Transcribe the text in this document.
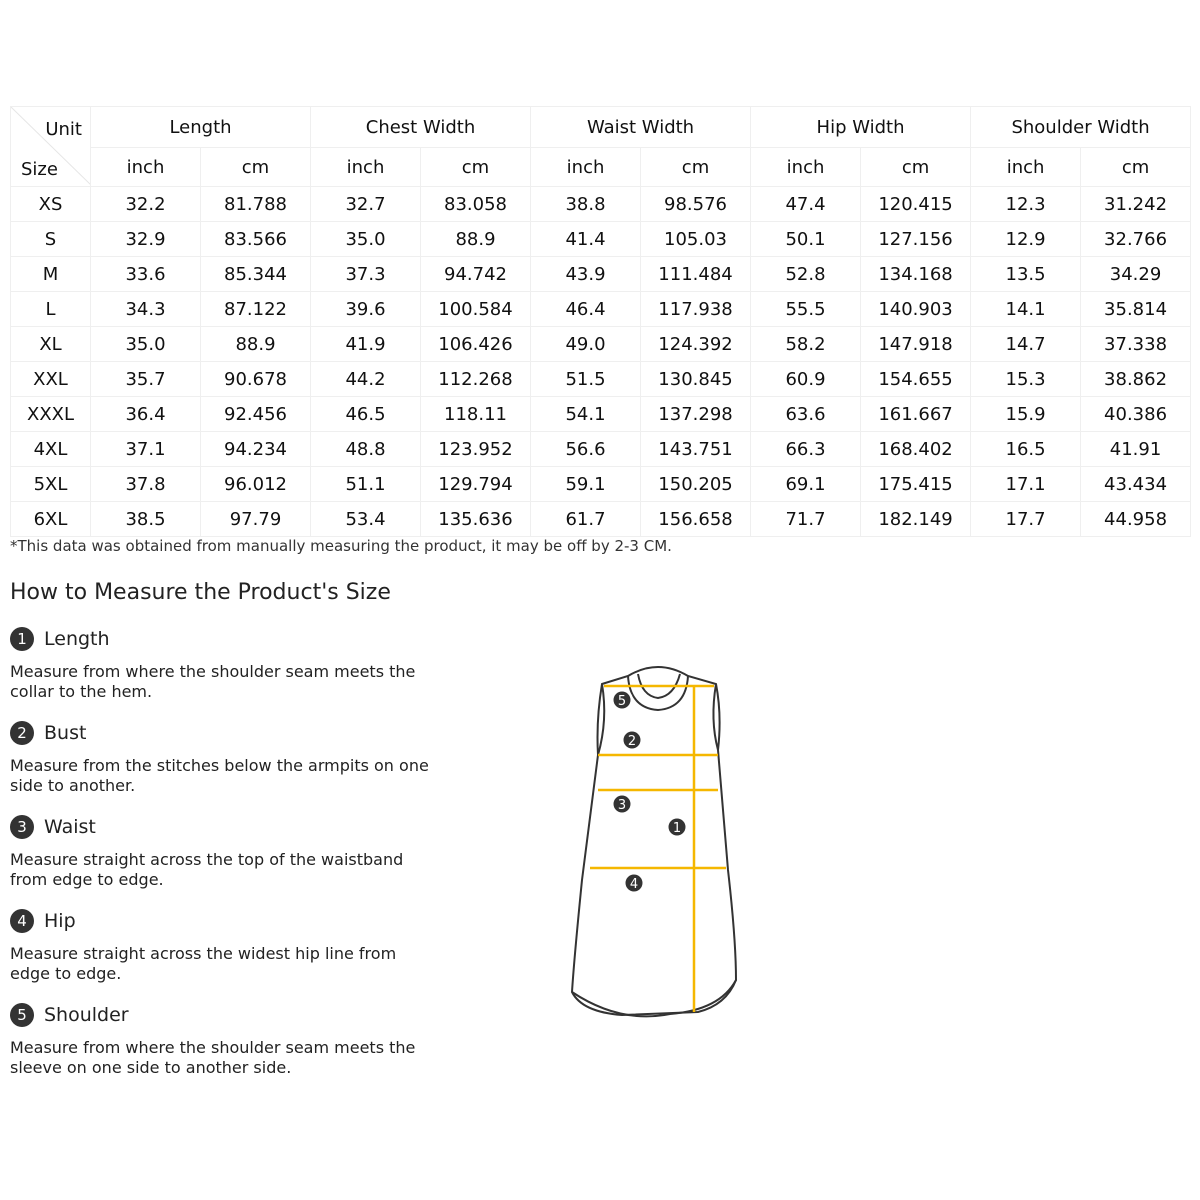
Unit
Size	Length		Chest Width		Waist Width		Hip Width		Shoulder Width	
	inch	cm	inch	cm	inch	cm	inch	cm	inch	cm
XS	32.2	81.788	32.7	83.058	38.8	98.576	47.4	120.415	12.3	31.242
S	32.9	83.566	35.0	88.9	41.4	105.03	50.1	127.156	12.9	32.766
M	33.6	85.344	37.3	94.742	43.9	111.484	52.8	134.168	13.5	34.29
L	34.3	87.122	39.6	100.584	46.4	117.938	55.5	140.903	14.1	35.814
XL	35.0	88.9	41.9	106.426	49.0	124.392	58.2	147.918	14.7	37.338
XXL	35.7	90.678	44.2	112.268	51.5	130.845	60.9	154.655	15.3	38.862
XXXL	36.4	92.456	46.5	118.11	54.1	137.298	63.6	161.667	15.9	40.386
4XL	37.1	94.234	48.8	123.952	56.6	143.751	66.3	168.402	16.5	41.91
5XL	37.8	96.012	51.1	129.794	59.1	150.205	69.1	175.415	17.1	43.434
6XL	38.5	97.79	53.4	135.636	61.7	156.658	71.7	182.149	17.7	44.958
*This data was obtained from manually measuring the product, it may be off by 2-3 CM.
How to Measure the Product's Size
1 Length
Measure from where the shoulder seam meets the collar to the hem.
2 Bust
Measure from the stitches below the armpits on one side to another.
3 Waist
Measure straight across the top of the waistband from edge to edge.
4 Hip
Measure straight across the widest hip line from edge to edge.
5 Shoulder
Measure from where the shoulder seam meets the sleeve on one side to another side.
5
2
3
1
4
